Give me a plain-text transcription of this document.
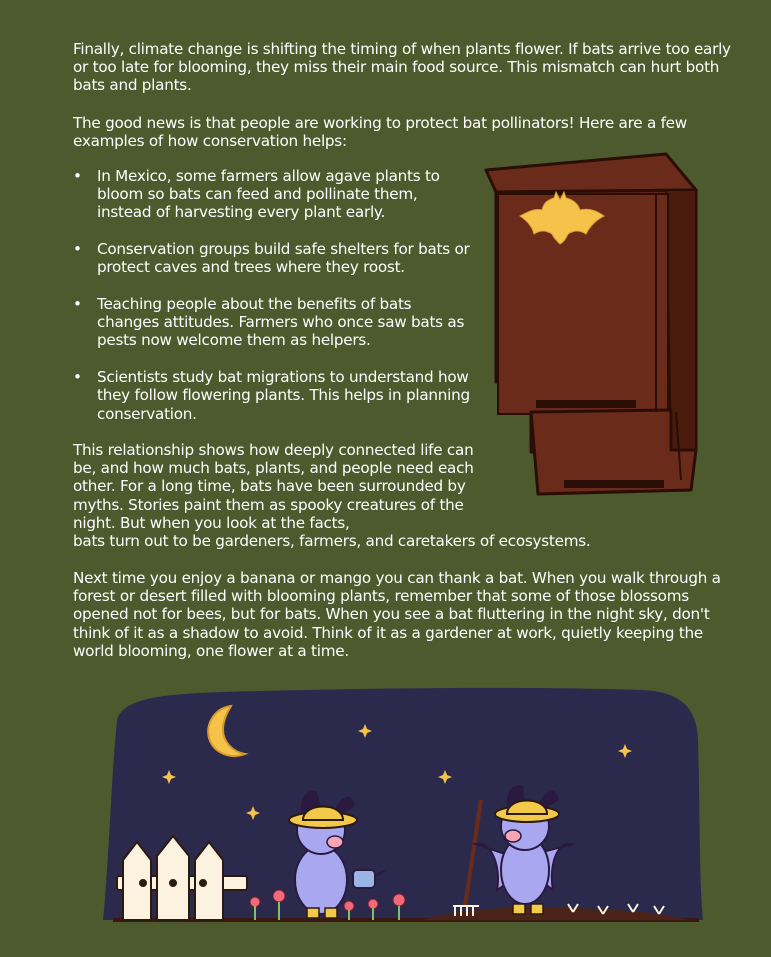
Finally, climate change is shifting the timing of when plants flower. If bats arrive too early or too late for blooming, they miss their main food source. This mismatch can hurt both bats and plants.

The good news is that people are working to protect bat pollinators! Here are a few examples of how conservation helps:

• In Mexico, some farmers allow agave plants to bloom so bats can feed and pollinate them, instead of harvesting every plant early.
• Conservation groups build safe shelters for bats or protect caves and trees where they roost.
• Teaching people about the benefits of bats changes attitudes. Farmers who once saw bats as pests now welcome them as helpers.
• Scientists study bat migrations to understand how they follow flowering plants. This helps in planning conservation.

This relationship shows how deeply connected life can be, and how much bats, plants, and people need each other. For a long time, bats have been surrounded by myths. Stories paint them as spooky creatures of the night. But when you look at the facts,
bats turn out to be gardeners, farmers, and caretakers of ecosystems.

Next time you enjoy a banana or mango you can thank a bat. When you walk through a forest or desert filled with blooming plants, remember that some of those blossoms opened not for bees, but for bats. When you see a bat fluttering in the night sky, don't think of it as a shadow to avoid. Think of it as a gardener at work, quietly keeping the world blooming, one flower at a time.
